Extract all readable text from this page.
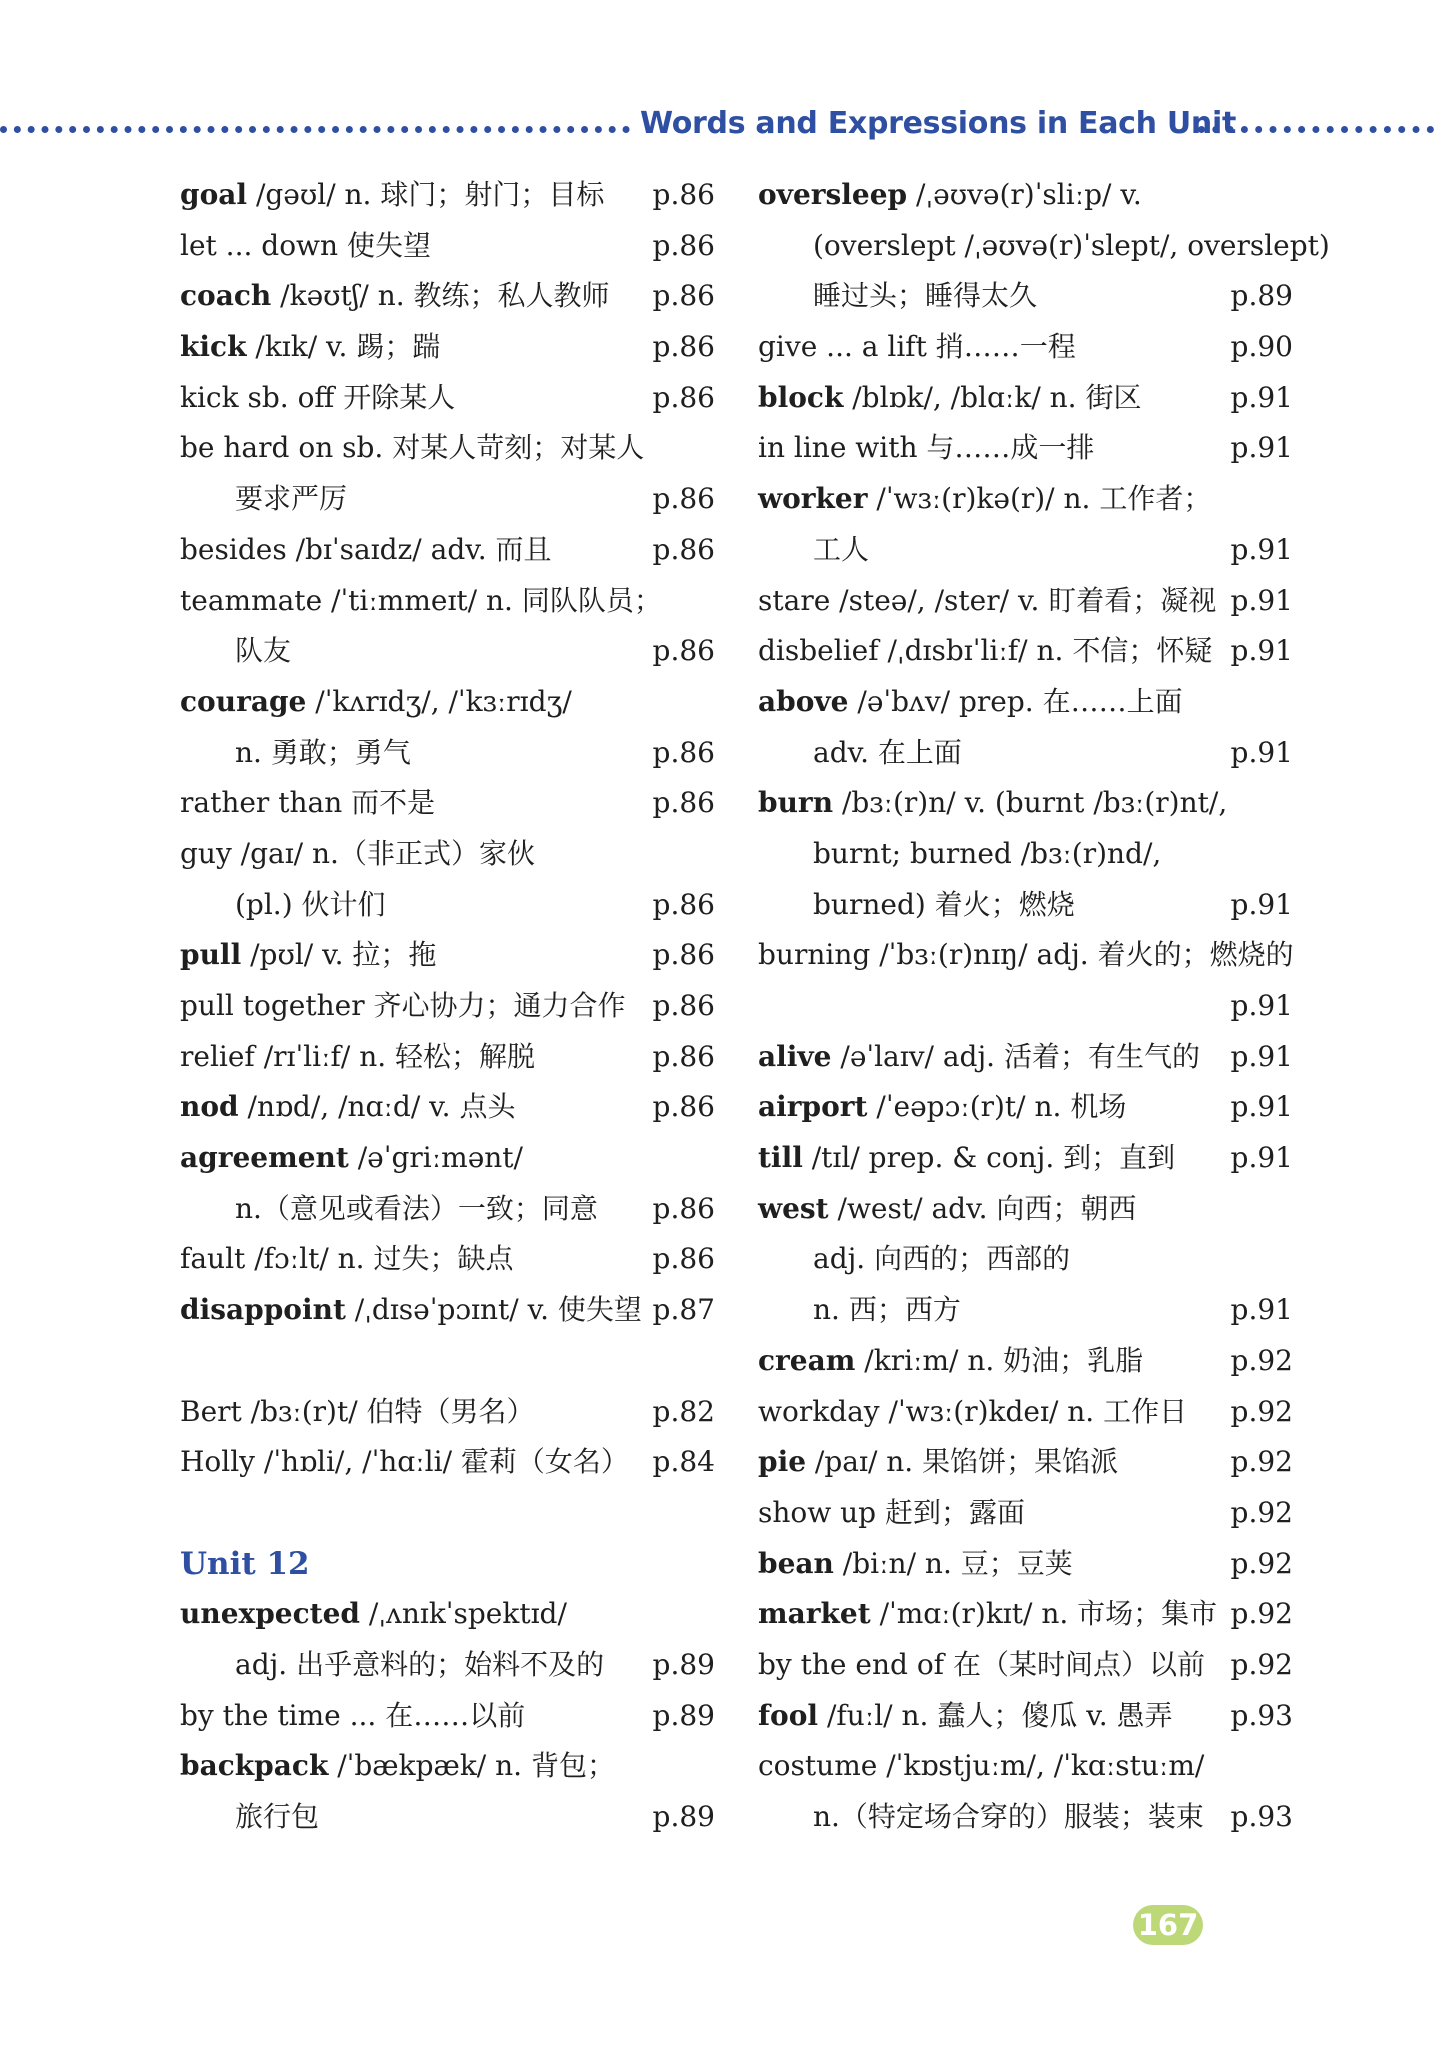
Words and Expressions in Each Unit
goal /gəʊl/ n. 球门；射门；目标 p.86
let ... down 使失望	p.86
coach /kəʊtʃ/ n. 教练；私人教师 p.86
kick /kɪk/ v. 踢；踹	p.86
kick sb. off 开除某人	p.86
be hard on sb. 对某人苛刻；对某人
要求严厉	p.86
besides /bɪˈsaɪdz/ adv. 而且	p.86
teammate /ˈtiːmmeɪt/ n. 同队队员；
队友	p.86
courage /ˈkʌrɪdʒ/, /ˈkɜːrɪdʒ/
n. 勇敢；勇气	p.86
rather than 而不是	p.86
guy /gaɪ/ n.（非正式）家伙
(pl.) 伙计们	p.86
pull /pʊl/ v. 拉；拖	p.86
pull together 齐心协力；通力合作 p.86
relief /rɪˈliːf/ n. 轻松；解脱	p.86
nod /nɒd/, /nɑːd/ v. 点头	p.86
agreement /əˈgriːmənt/
n.（意见或看法）一致；同意 p.86
fault /fɔːlt/ n. 过失；缺点	p.86
disappoint /ˌdɪsəˈpɔɪnt/ v. 使失望 p.87
Bert /bɜː(r)t/ 伯特（男名）	p.82
Holly /ˈhɒli/, /ˈhɑːli/ 霍莉（女名） p.84
Unit 12
unexpected /ˌʌnɪkˈspektɪd/
adj. 出乎意料的；始料不及的 p.89
by the time ... 在……以前	p.89
backpack /ˈbækpæk/ n. 背包；
旅行包	p.89
oversleep /ˌəʊvə(r)ˈsliːp/ v.
(overslept /ˌəʊvə(r)ˈslept/, overslept)
睡过头；睡得太久	p.89
give ... a lift 捎……一程	p.90
block /blɒk/, /blɑːk/ n. 街区	p.91
in line with 与……成一排	p.91
worker /ˈwɜː(r)kə(r)/ n. 工作者；
工人	p.91
stare /steə/, /ster/ v. 盯着看；凝视 p.91
disbelief /ˌdɪsbɪˈliːf/ n. 不信；怀疑 p.91
above /əˈbʌv/ prep. 在……上面
adv. 在上面	p.91
burn /bɜː(r)n/ v. (burnt /bɜː(r)nt/,
burnt; burned /bɜː(r)nd/,
burned) 着火；燃烧	p.91
burning /ˈbɜː(r)nɪŋ/ adj. 着火的；燃烧的
p.91
alive /əˈlaɪv/ adj. 活着；有生气的 p.91
airport /ˈeəpɔː(r)t/ n. 机场	p.91
till /tɪl/ prep. & conj. 到；直到 p.91
west /west/ adv. 向西；朝西
adj. 向西的；西部的
n. 西；西方	p.91
cream /kriːm/ n. 奶油；乳脂	p.92
workday /ˈwɜː(r)kdeɪ/ n. 工作日 p.92
pie /paɪ/ n. 果馅饼；果馅派	p.92
show up 赶到；露面	p.92
bean /biːn/ n. 豆；豆荚	p.92
market /ˈmɑː(r)kɪt/ n. 市场；集市 p.92
by the end of 在（某时间点）以前 p.92
fool /fuːl/ n. 蠢人；傻瓜 v. 愚弄 p.93
costume /ˈkɒstjuːm/, /ˈkɑːstuːm/
n.（特定场合穿的）服装；装束 p.93
167
